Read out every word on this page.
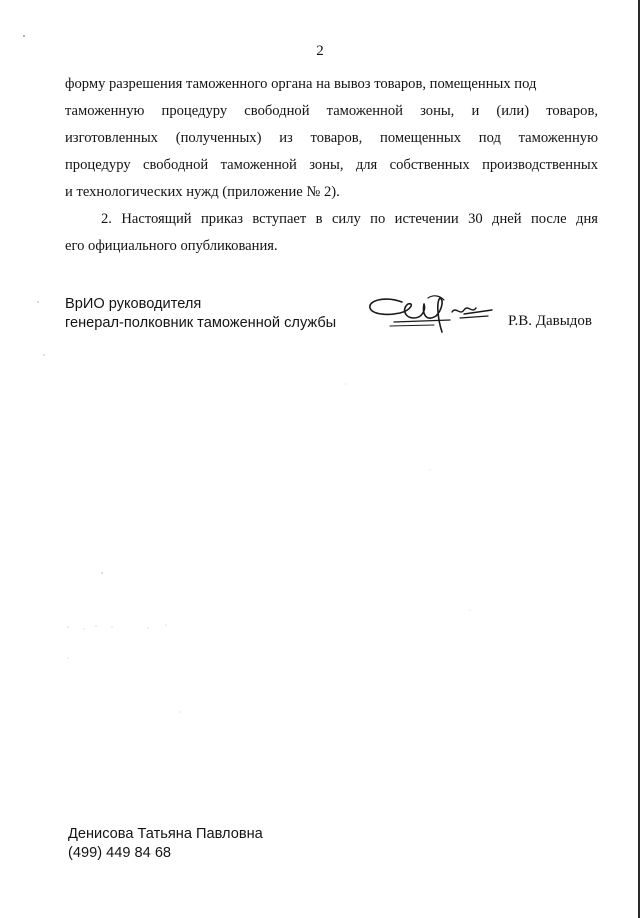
2
форму разрешения таможенного органа на вывоз товаров, помещенных под
таможенную процедуру свободной таможенной зоны, и (или) товаров,
изготовленных (полученных) из товаров, помещенных под таможенную
процедуру свободной таможенной зоны, для собственных производственных
и технологических нужд (приложение № 2).
2. Настоящий приказ вступает в силу по истечении 30 дней после дня
его официального опубликования.
ВрИО руководителя
генерал-полковник таможенной службы	Р.В. Давыдов
Денисова Татьяна Павловна
(499) 449 84 68
